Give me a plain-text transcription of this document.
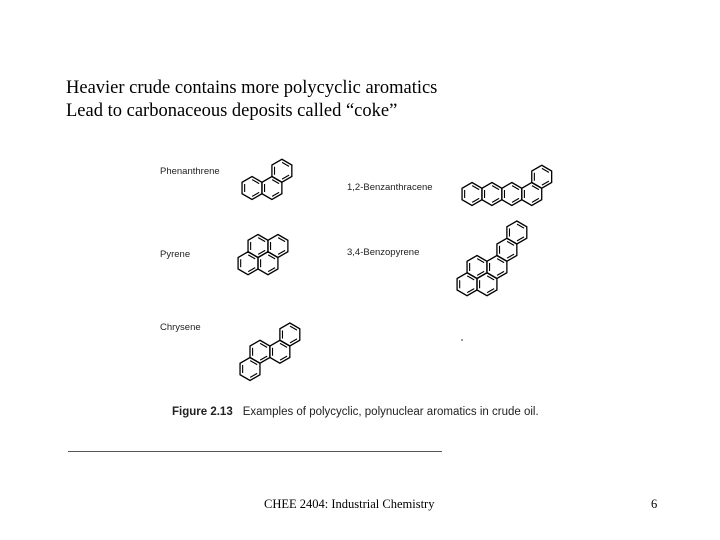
Heavier crude contains more polycyclic aromatics
Lead to carbonaceous deposits called “coke”
Phenanthrene
1,2-Benzanthracene
Pyrene	3,4-Benzopyrene
Chrysene
Figure 2.13 Examples of polycyclic, polynuclear aromatics in crude oil.
CHEE 2404: Industrial Chemistry	6
